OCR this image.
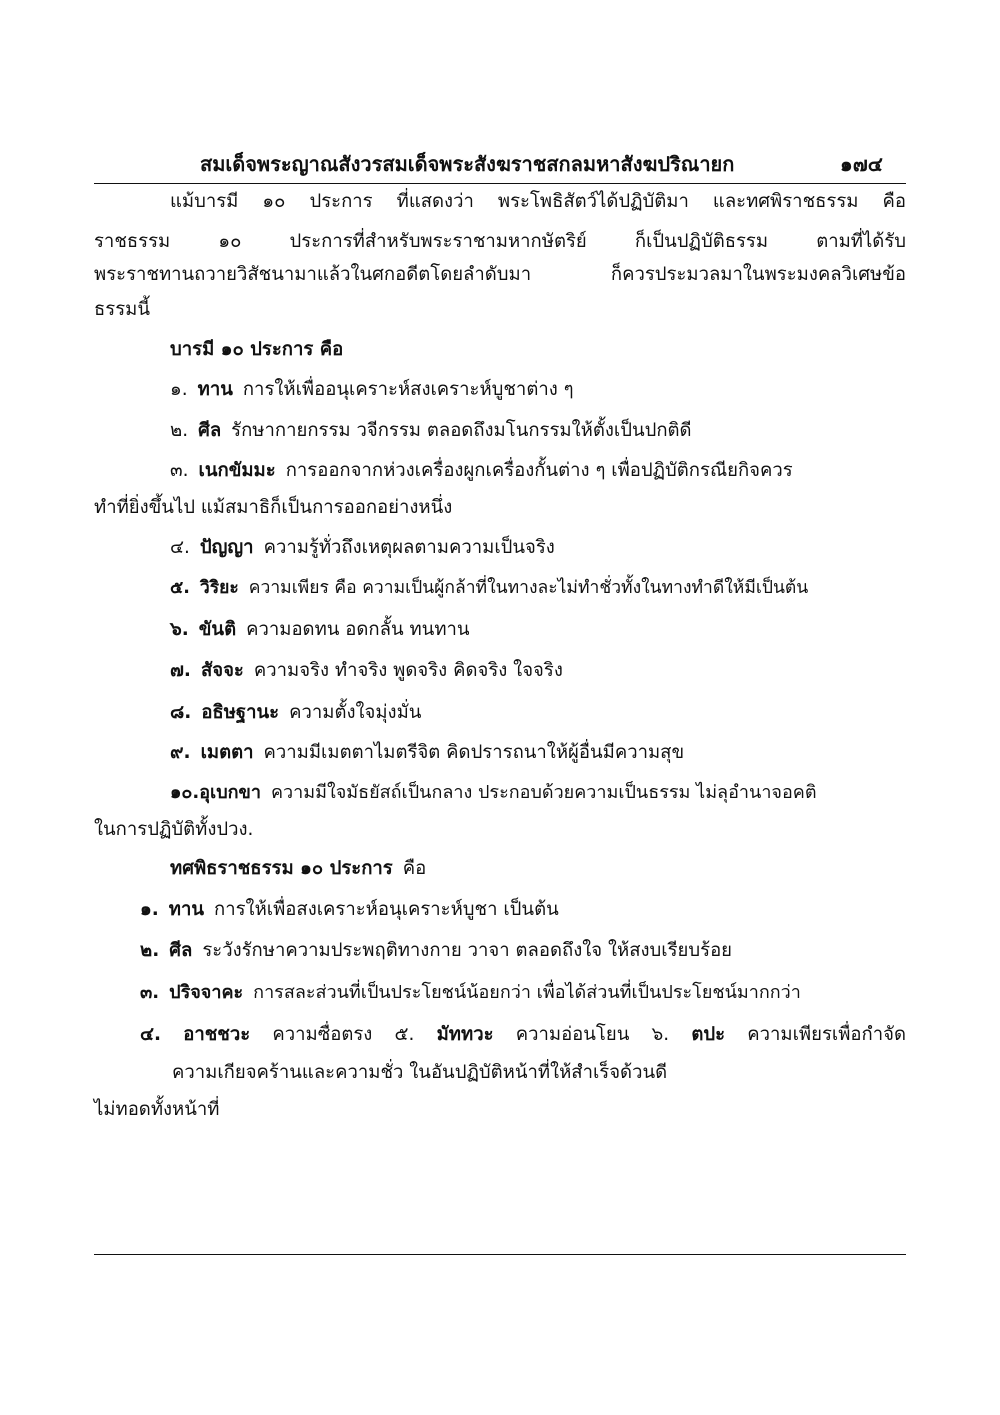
สมเด็จพระญาณสังวรสมเด็จพระสังฆราชสกลมหาสังฆปริณายก	๑๗๔
แม้บารมี ๑๐ ประการ ที่แสดงว่า พระโพธิสัตว์ได้ปฏิบัติมา และทศพิราชธรรม คือ
ราชธรรม ๑๐ ประการที่สำหรับพระราชามหากษัตริย์ ก็เป็นปฏิบัติธรรม ตามที่ได้รับ
พระราชทานถวายวิสัชนามาแล้วในศกอดีตโดยลำดับมา ก็ควรประมวลมาในพระมงคลวิเศษข้อ
ธรรมนี้
บารมี ๑๐ ประการ คือ
๑. ทาน การให้เพื่ออนุเคราะห์สงเคราะห์บูชาต่าง ๆ
๒. ศีล รักษากายกรรม วจีกรรม ตลอดถึงมโนกรรมให้ตั้งเป็นปกติดี
๓. เนกขัมมะ การออกจากห่วงเครื่องผูกเครื่องกั้นต่าง ๆ เพื่อปฏิบัติกรณียกิจควร
ทำที่ยิ่งขึ้นไป แม้สมาธิก็เป็นการออกอย่างหนึ่ง
๔. ปัญญา ความรู้ทั่วถึงเหตุผลตามความเป็นจริง
๕. วิริยะ ความเพียร คือ ความเป็นผู้กล้าที่ในทางละไม่ทำชั่วทั้งในทางทำดีให้มีเป็นต้น
๖. ขันติ ความอดทน อดกลั้น ทนทาน
๗. สัจจะ ความจริง ทำจริง พูดจริง คิดจริง ใจจริง
๘. อธิษฐานะ ความตั้งใจมุ่งมั่น
๙. เมตตา ความมีเมตตาไมตรีจิต คิดปรารถนาให้ผู้อื่นมีความสุข
๑๐.อุเบกขา ความมีใจมัธยัสถ์เป็นกลาง ประกอบด้วยความเป็นธรรม ไม่ลุอำนาจอคติ
ในการปฏิบัติทั้งปวง.
ทศพิธราชธรรม ๑๐ ประการ คือ
๑. ทาน การให้เพื่อสงเคราะห์อนุเคราะห์บูชา เป็นต้น
๒. ศีล ระวังรักษาความประพฤติทางกาย วาจา ตลอดถึงใจ ให้สงบเรียบร้อย
๓. ปริจจาคะ การสละส่วนที่เป็นประโยชน์น้อยกว่า เพื่อได้ส่วนที่เป็นประโยชน์มากกว่า
๔. อาชชวะ ความซื่อตรง ๕. มัททวะ ความอ่อนโยน ๖. ตปะ ความเพียรเพื่อกำจัด
ความเกียจคร้านและความชั่ว ในอันปฏิบัติหน้าที่ให้สำเร็จด้วนดี
ไม่ทอดทั้งหน้าที่
